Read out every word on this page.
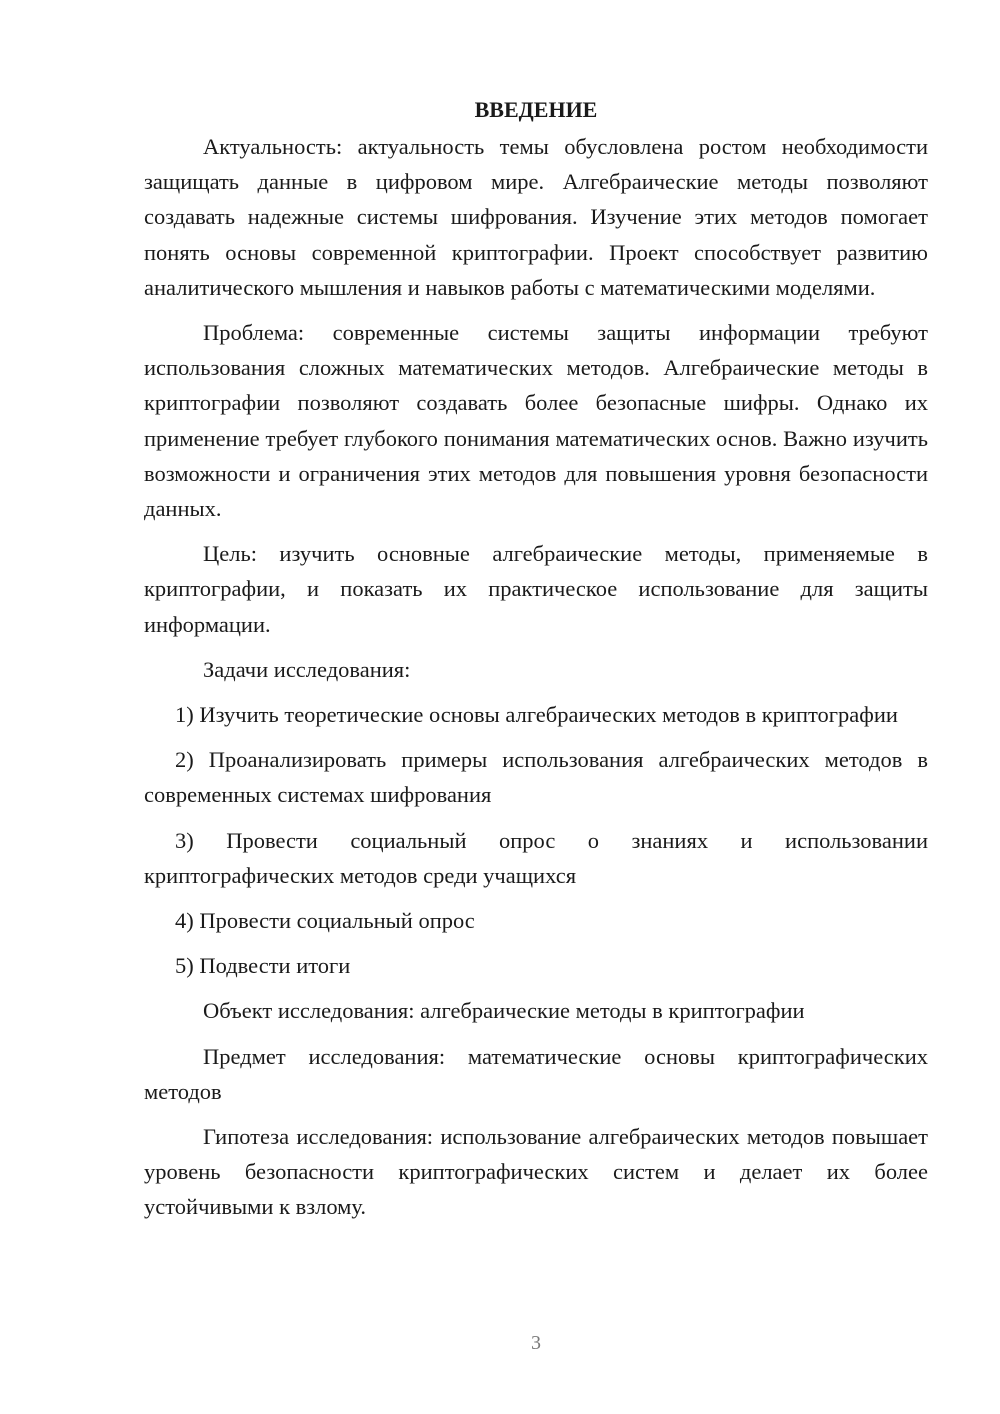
ВВЕДЕНИЕ

Актуальность: актуальность темы обусловлена ростом необходимости защищать данные в цифровом мире. Алгебраические методы позволяют создавать надежные системы шифрования. Изучение этих методов помогает понять основы современной криптографии. Проект способствует развитию аналитического мышления и навыков работы с математическими моделями.

Проблема: современные системы защиты информации требуют использования сложных математических методов. Алгебраические методы в криптографии позволяют создавать более безопасные шифры. Однако их применение требует глубокого понимания математических основ. Важно изучить возможности и ограничения этих методов для повышения уровня безопасности данных.

Цель: изучить основные алгебраические методы, применяемые в криптографии, и показать их практическое использование для защиты информации.

Задачи исследования:

1) Изучить теоретические основы алгебраических методов в криптографии

2) Проанализировать примеры использования алгебраических методов в современных системах шифрования

3) Провести социальный опрос о знаниях и использовании криптографических методов среди учащихся

4) Провести социальный опрос

5) Подвести итоги

Объект исследования: алгебраические методы в криптографии

Предмет исследования: математические основы криптографических методов

Гипотеза исследования: использование алгебраических методов повышает уровень безопасности криптографических систем и делает их более устойчивыми к взлому.

3
